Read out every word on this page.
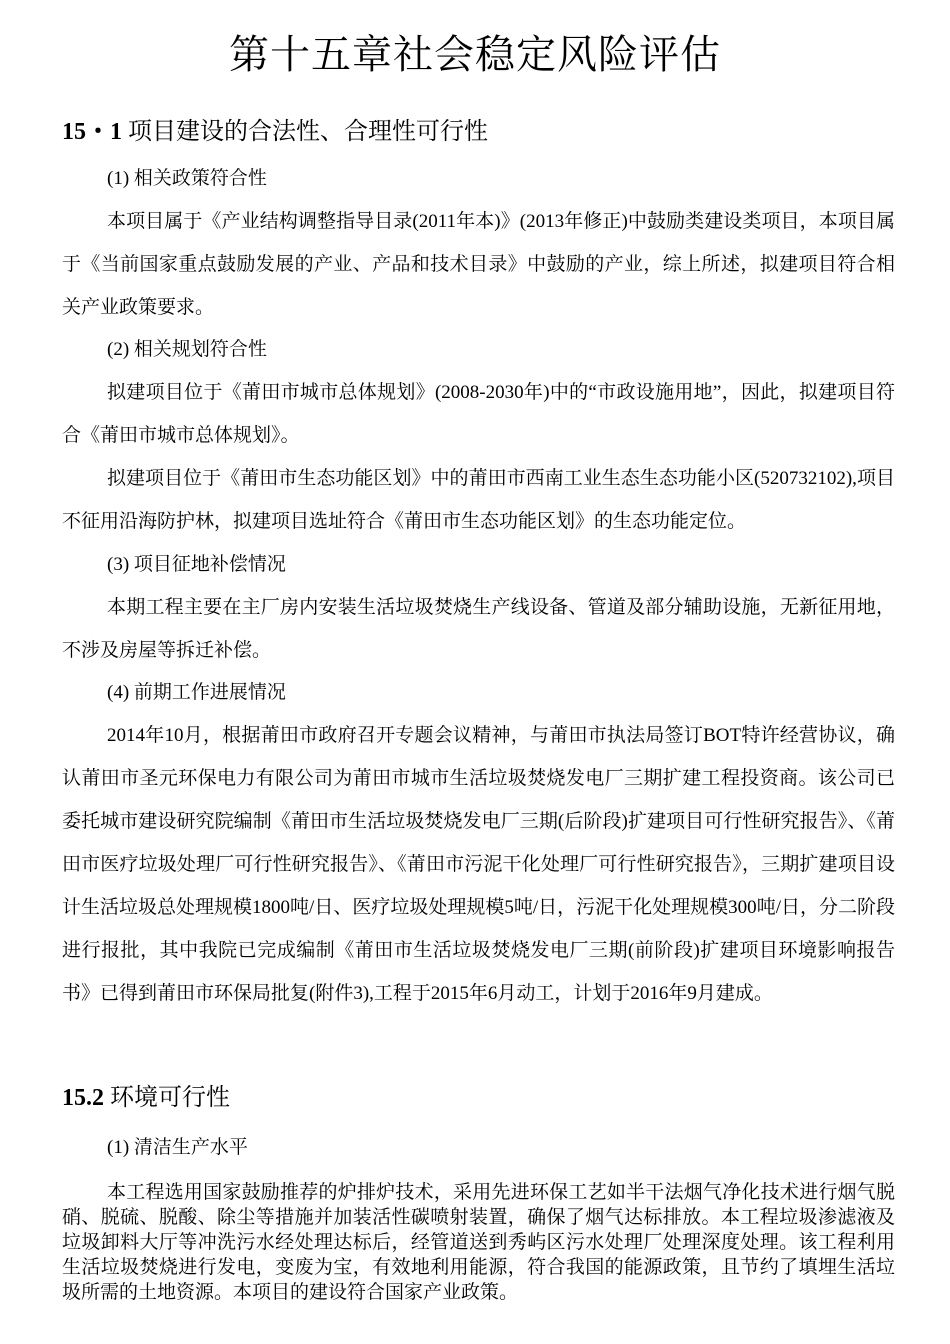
第十五章社会稳定风险评估
15・1 项目建设的合法性、合理性可行性
(1) 相关政策符合性

本项目属于《产业结构调整指导目录(2011年本)》(2013年修正)中鼓励类建设类项目，本项目属于《当前国家重点鼓励发展的产业、产品和技术目录》中鼓励的产业，综上所述，拟建项目符合相关产业政策要求。

(2) 相关规划符合性

拟建项目位于《莆田市城市总体规划》(2008-2030年)中的“市政设施用地”，因此，拟建项目符合《莆田市城市总体规划》。

拟建项目位于《莆田市生态功能区划》中的莆田市西南工业生态生态功能小区(520732102),项目不征用沿海防护林，拟建项目选址符合《莆田市生态功能区划》的生态功能定位。

(3) 项目征地补偿情况

本期工程主要在主厂房内安装生活垃圾焚烧生产线设备、管道及部分辅助设施，无新征用地，不涉及房屋等拆迁补偿。

(4) 前期工作进展情况

2014年10月，根据莆田市政府召开专题会议精神，与莆田市执法局签订BOT特许经营协议，确认莆田市圣元环保电力有限公司为莆田市城市生活垃圾焚烧发电厂三期扩建工程投资商。该公司已委托城市建设研究院编制《莆田市生活垃圾焚烧发电厂三期(后阶段)扩建项目可行性研究报告》、《莆田市医疗垃圾处理厂可行性研究报告》、《莆田市污泥干化处理厂可行性研究报告》，三期扩建项目设计生活垃圾总处理规模1800吨/日、医疗垃圾处理规模5吨/日，污泥干化处理规模300吨/日，分二阶段进行报批，其中我院已完成编制《莆田市生活垃圾焚烧发电厂三期(前阶段)扩建项目环境影响报告书》已得到莆田市环保局批复(附件3),工程于2015年6月动工，计划于2016年9月建成。

15.2 环境可行性
(1) 清洁生产水平

本工程选用国家鼓励推荐的炉排炉技术，采用先进环保工艺如半干法烟气净化技术进行烟气脱硝、脱硫、脱酸、除尘等措施并加装活性碳喷射装置，确保了烟气达标排放。本工程垃圾渗滤液及垃圾卸料大厅等冲洗污水经处理达标后，经管道送到秀屿区污水处理厂处理深度处理。该工程利用生活垃圾焚烧进行发电，变废为宝，有效地利用能源，符合我国的能源政策，且节约了填埋生活垃圾所需的土地资源。本项目的建设符合国家产业政策。
